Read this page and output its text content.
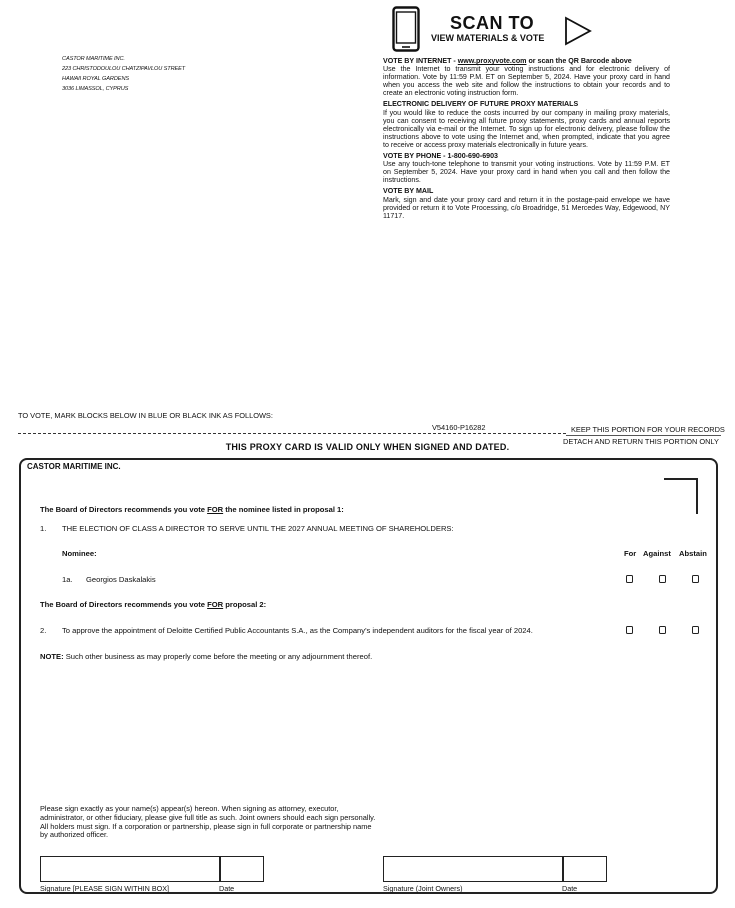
CASTOR MARITIME INC.
223 CHRISTODOULOU CHATZIPAVLOU STREET
HAWAII ROYAL GARDENS
3036 LIMASSOL, CYPRUS
SCAN TO
VIEW MATERIALS & VOTE
VOTE BY INTERNET - www.proxyvote.com or scan the QR Barcode above

Use the Internet to transmit your voting instructions and for electronic delivery of information. Vote by 11:59 P.M. ET on September 5, 2024. Have your proxy card in hand when you access the web site and follow the instructions to obtain your records and to create an electronic voting instruction form.

ELECTRONIC DELIVERY OF FUTURE PROXY MATERIALS

If you would like to reduce the costs incurred by our company in mailing proxy materials, you can consent to receiving all future proxy statements, proxy cards and annual reports electronically via e-mail or the Internet. To sign up for electronic delivery, please follow the instructions above to vote using the Internet and, when prompted, indicate that you agree to receive or access proxy materials electronically in future years.

VOTE BY PHONE - 1-800-690-6903

Use any touch-tone telephone to transmit your voting instructions. Vote by 11:59 P.M. ET on September 5, 2024. Have your proxy card in hand when you call and then follow the instructions.

VOTE BY MAIL

Mark, sign and date your proxy card and return it in the postage-paid envelope we have provided or return it to Vote Processing, c/o Broadridge, 51 Mercedes Way, Edgewood, NY 11717.

TO VOTE, MARK BLOCKS BELOW IN BLUE OR BLACK INK AS FOLLOWS:
V54160-P16282	KEEP THIS PORTION FOR YOUR RECORDS
DETACH AND RETURN THIS PORTION ONLY
THIS PROXY CARD IS VALID ONLY WHEN SIGNED AND DATED.
CASTOR MARITIME INC.
The Board of Directors recommends you vote FOR the nominee listed in proposal 1:
1. THE ELECTION OF CLASS A DIRECTOR TO SERVE UNTIL THE 2027 ANNUAL MEETING OF SHAREHOLDERS:
Nominee:	For Against Abstain
1a. Georgios Daskalakis
The Board of Directors recommends you vote FOR proposal 2:
2. To approve the appointment of Deloitte Certified Public Accountants S.A., as the Company's independent auditors for the fiscal year of 2024.
NOTE: Such other business as may properly come before the meeting or any adjournment thereof.

Please sign exactly as your name(s) appear(s) hereon. When signing as attorney, executor, administrator, or other fiduciary, please give full title as such. Joint owners should each sign personally. All holders must sign. If a corporation or partnership, please sign in full corporate or partnership name by authorized officer.

Signature [PLEASE SIGN WITHIN BOX]	Date	Signature (Joint Owners)	Date
